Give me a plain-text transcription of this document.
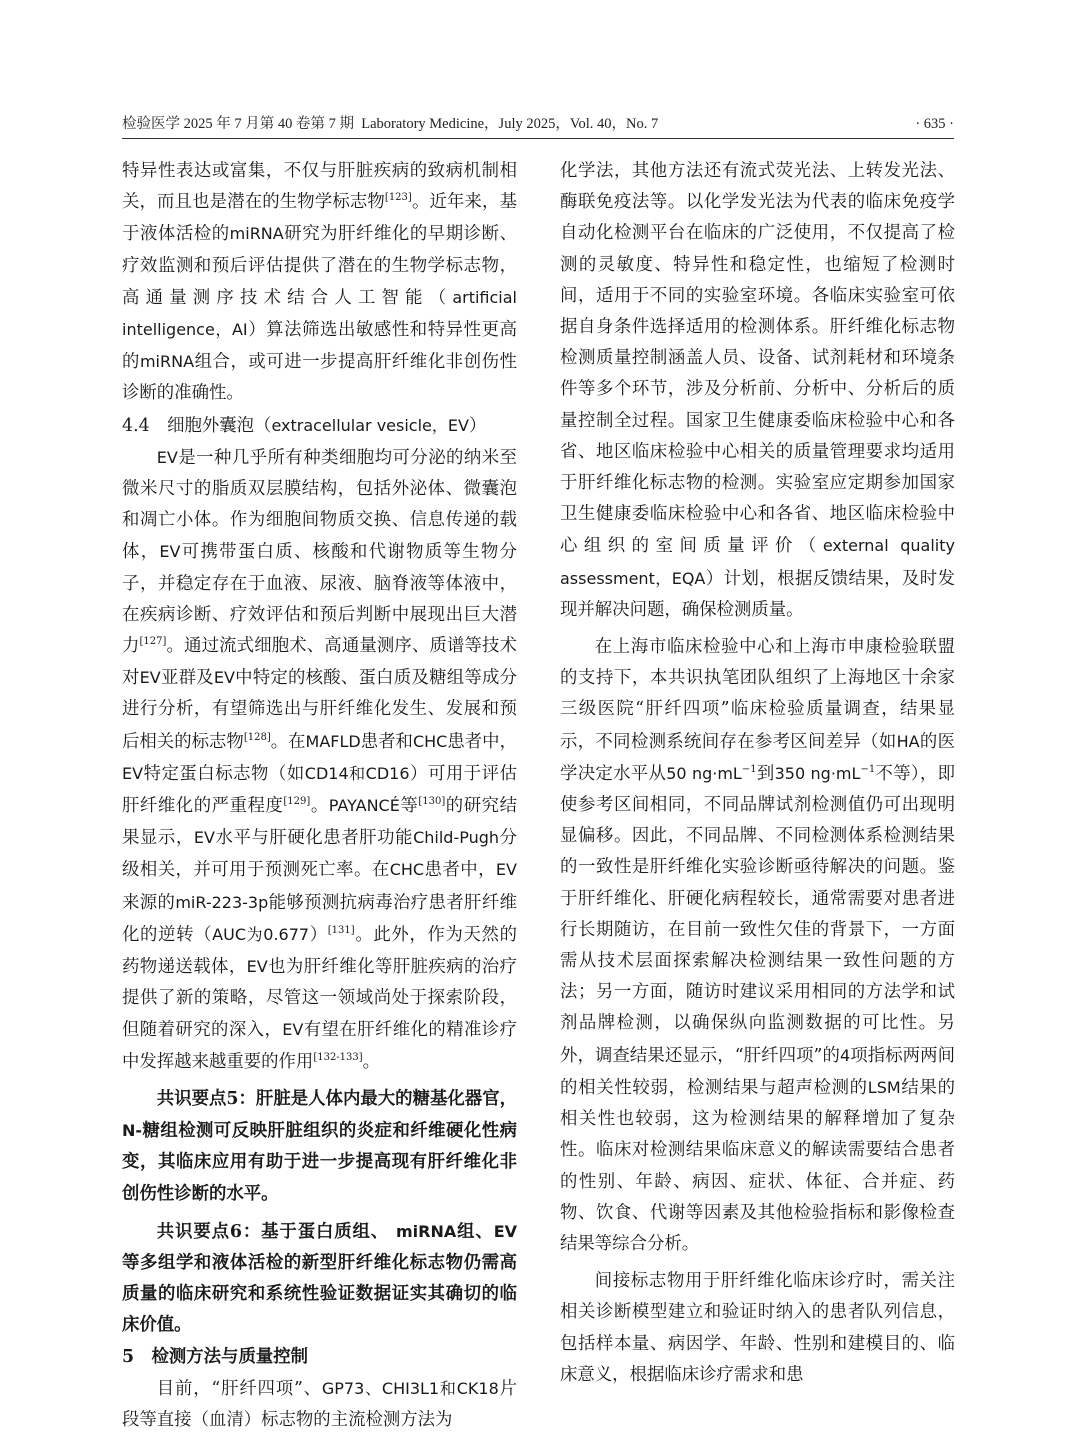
检验医学 2025 年 7 月第 40 卷第 7 期 Laboratory Medicine，July 2025，Vol. 40，No. 7	· 635 ·

特异性表达或富集，不仅与肝脏疾病的致病机制相关，而且也是潜在的生物学标志物[123]。近年来，基于液体活检的miRNA研究为肝纤维化的早期诊断、疗效监测和预后评估提供了潜在的生物学标志物，高通量测序技术结合人工智能（artificial intelligence，AI）算法筛选出敏感性和特异性更高的miRNA组合，或可进一步提高肝纤维化非创伤性诊断的准确性。

4.4　 细胞外囊泡（extracellular vesicle，EV）

EV是一种几乎所有种类细胞均可分泌的纳米至微米尺寸的脂质双层膜结构，包括外泌体、微囊泡和凋亡小体。作为细胞间物质交换、信息传递的载体，EV可携带蛋白质、核酸和代谢物质等生物分子，并稳定存在于血液、尿液、脑脊液等体液中，在疾病诊断、疗效评估和预后判断中展现出巨大潜力[127]。通过流式细胞术、高通量测序、质谱等技术对EV亚群及EV中特定的核酸、蛋白质及糖组等成分进行分析，有望筛选出与肝纤维化发生、发展和预后相关的标志物[128]。在MAFLD患者和CHC患者中，EV特定蛋白标志物（如CD14和CD16）可用于评估肝纤维化的严重程度[129]。PAYANCÉ等[130]的研究结果显示，EV水平与肝硬化患者肝功能Child-Pugh分级相关，并可用于预测死亡率。在CHC患者中，EV来源的miR-223-3p能够预测抗病毒治疗患者肝纤维化的逆转（AUC为0.677）[131]。此外，作为天然的药物递送载体，EV也为肝纤维化等肝脏疾病的治疗提供了新的策略，尽管这一领域尚处于探索阶段，但随着研究的深入，EV有望在肝纤维化的精准诊疗中发挥越来越重要的作用[132-133]。

共识要点5：肝脏是人体内最大的糖基化器官，N-糖组检测可反映肝脏组织的炎症和纤维硬化性病变，其临床应用有助于进一步提高现有肝纤维化非创伤性诊断的水平。

共识要点6：基于蛋白质组、 miRNA组、EV等多组学和液体活检的新型肝纤维化标志物仍需高质量的临床研究和系统性验证数据证实其确切的临床价值。

5　检测方法与质量控制

目前，“肝纤四项”、GP73、CHI3L1和CK18片段等直接（血清）标志物的主流检测方法为

化学法，其他方法还有流式荧光法、上转发光法、酶联免疫法等。以化学发光法为代表的临床免疫学自动化检测平台在临床的广泛使用，不仅提高了检测的灵敏度、特异性和稳定性，也缩短了检测时间，适用于不同的实验室环境。各临床实验室可依据自身条件选择适用的检测体系。肝纤维化标志物检测质量控制涵盖人员、设备、试剂耗材和环境条件等多个环节，涉及分析前、分析中、分析后的质量控制全过程。国家卫生健康委临床检验中心和各省、地区临床检验中心相关的质量管理要求均适用于肝纤维化标志物的检测。实验室应定期参加国家卫生健康委临床检验中心和各省、地区临床检验中心组织的室间质量评价（external quality assessment，EQA）计划，根据反馈结果，及时发现并解决问题，确保检测质量。

在上海市临床检验中心和上海市申康检验联盟的支持下，本共识执笔团队组织了上海地区十余家三级医院“肝纤四项”临床检验质量调查，结果显示，不同检测系统间存在参考区间差异（如HA的医学决定水平从50 $ng\cdot mL^{-1}$到350 $ng\cdot mL^{-1}$不等），即使参考区间相同，不同品牌试剂检测值仍可出现明显偏移。因此，不同品牌、不同检测体系检测结果的一致性是肝纤维化实验诊断亟待解决的问题。鉴于肝纤维化、肝硬化病程较长，通常需要对患者进行长期随访，在目前一致性欠佳的背景下，一方面需从技术层面探索解决检测结果一致性问题的方法；另一方面，随访时建议采用相同的方法学和试剂品牌检测，以确保纵向监测数据的可比性。另外，调查结果还显示，“肝纤四项”的4项指标两两间的相关性较弱，检测结果与超声检测的LSM结果的相关性也较弱，这为检测结果的解释增加了复杂性。临床对检测结果临床意义的解读需要结合患者的性别、年龄、病因、症状、体征、合并症、药物、饮食、代谢等因素及其他检验指标和影像检查结果等综合分析。

间接标志物用于肝纤维化临床诊疗时，需关注相关诊断模型建立和验证时纳入的患者队列信息，包括样本量、病因学、年龄、性别和建模目的、临床意义，根据临床诊疗需求和患
